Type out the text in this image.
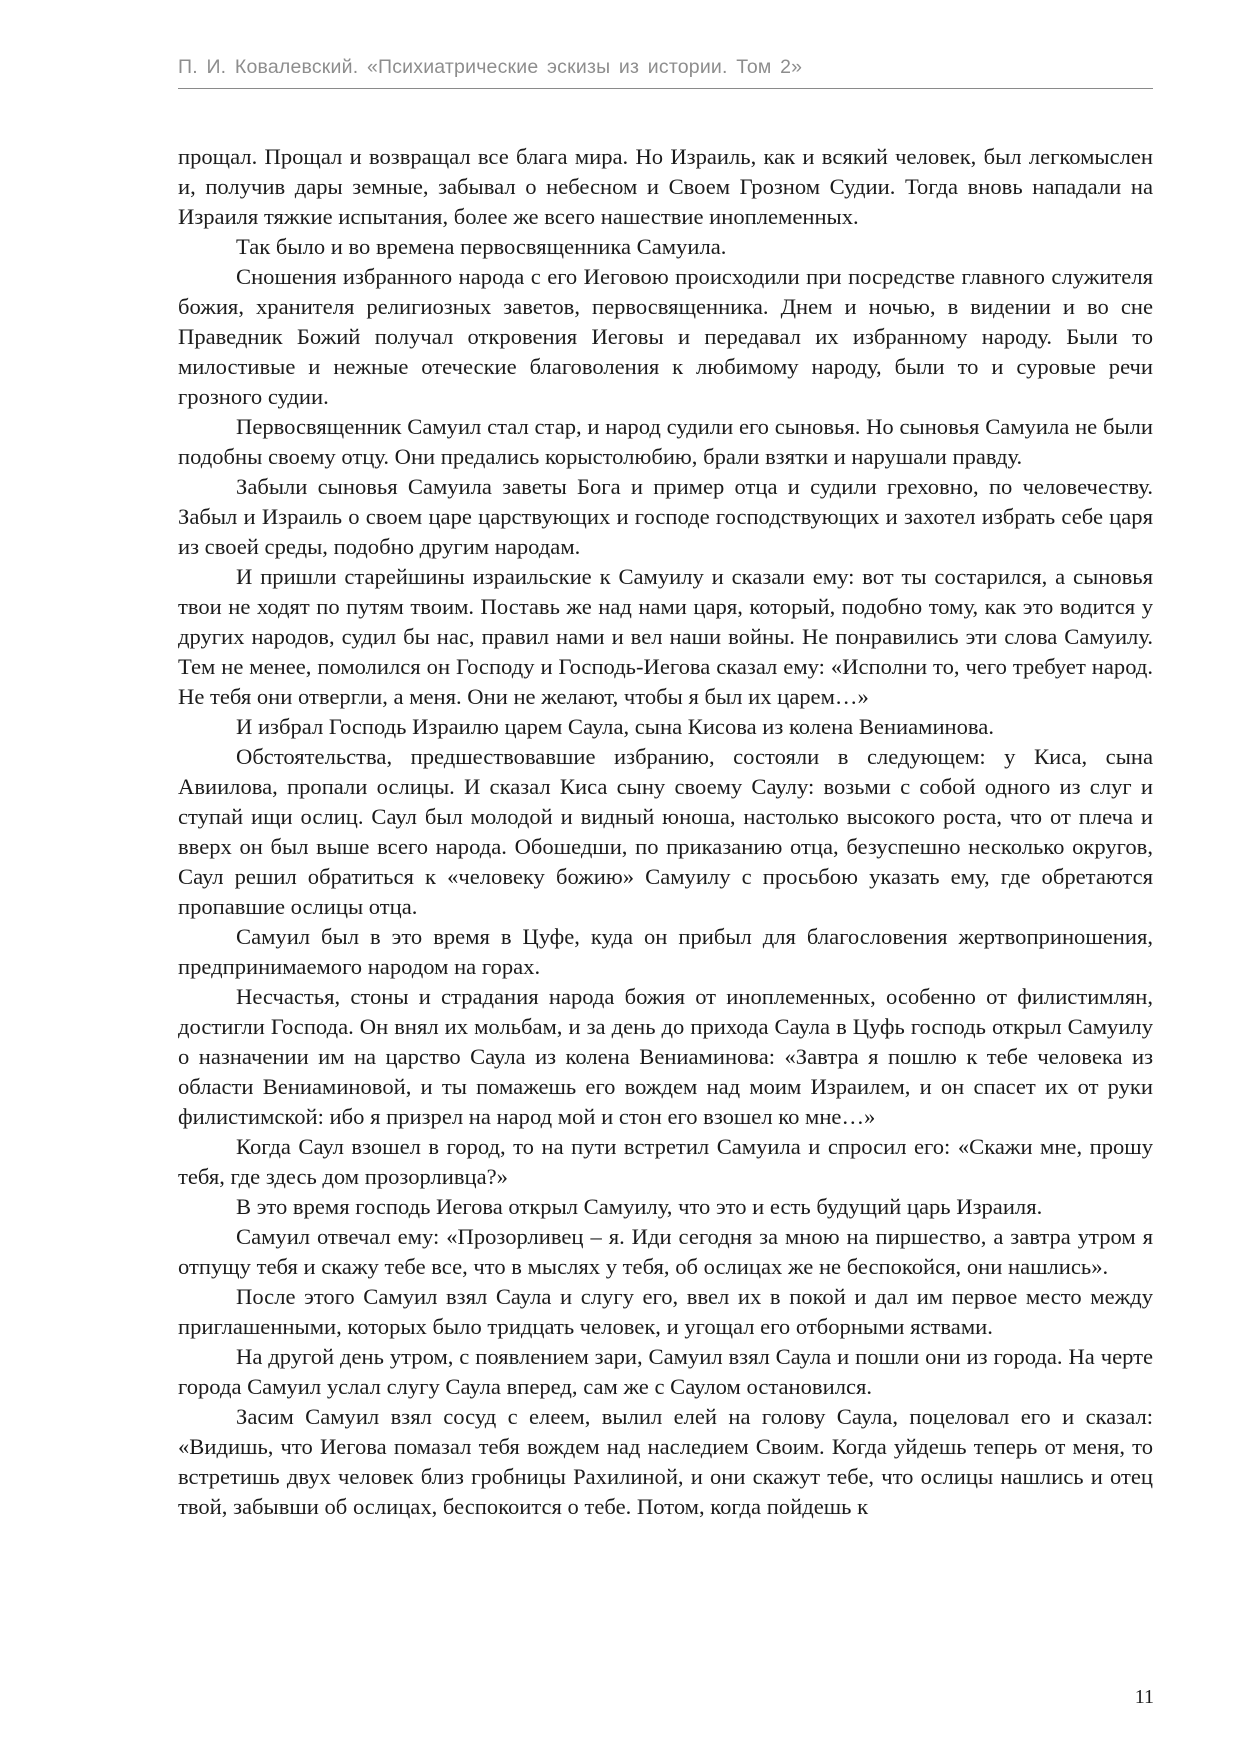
П. И. Ковалевский. «Психиатрические эскизы из истории. Том 2»

прощал. Прощал и возвращал все блага мира. Но Израиль, как и всякий человек, был легкомыслен и, получив дары земные, забывал о небесном и Своем Грозном Судии. Тогда вновь нападали на Израиля тяжкие испытания, более же всего нашествие иноплеменных.

Так было и во времена первосвященника Самуила.

Сношения избранного народа с его Иеговою происходили при посредстве главного служителя божия, хранителя религиозных заветов, первосвященника. Днем и ночью, в видении и во сне Праведник Божий получал откровения Иеговы и передавал их избранному народу. Были то милостивые и нежные отеческие благоволения к любимому народу, были то и суровые речи грозного судии.

Первосвященник Самуил стал стар, и народ судили его сыновья. Но сыновья Самуила не были подобны своему отцу. Они предались корыстолюбию, брали взятки и нарушали правду.

Забыли сыновья Самуила заветы Бога и пример отца и судили греховно, по человечеству. Забыл и Израиль о своем царе царствующих и господе господствующих и захотел избрать себе царя из своей среды, подобно другим народам.

И пришли старейшины израильские к Самуилу и сказали ему: вот ты состарился, а сыновья твои не ходят по путям твоим. Поставь же над нами царя, который, подобно тому, как это водится у других народов, судил бы нас, правил нами и вел наши войны. Не понравились эти слова Самуилу. Тем не менее, помолился он Господу и Господь-Иегова сказал ему: «Исполни то, чего требует народ. Не тебя они отвергли, а меня. Они не желают, чтобы я был их царем…»

И избрал Господь Израилю царем Саула, сына Кисова из колена Вениаминова.

Обстоятельства, предшествовавшие избранию, состояли в следующем: у Киса, сына Авиилова, пропали ослицы. И сказал Киса сыну своему Саулу: возьми с собой одного из слуг и ступай ищи ослиц. Саул был молодой и видный юноша, настолько высокого роста, что от плеча и вверх он был выше всего народа. Обошедши, по приказанию отца, безуспешно несколько округов, Саул решил обратиться к «человеку божию» Самуилу с просьбою указать ему, где обретаются пропавшие ослицы отца.

Самуил был в это время в Цуфе, куда он прибыл для благословения жертвоприношения, предпринимаемого народом на горах.

Несчастья, стоны и страдания народа божия от иноплеменных, особенно от филистимлян, достигли Господа. Он внял их мольбам, и за день до прихода Саула в Цуфь господь открыл Самуилу о назначении им на царство Саула из колена Вениаминова: «Завтра я пошлю к тебе человека из области Вениаминовой, и ты помажешь его вождем над моим Израилем, и он спасет их от руки филистимской: ибо я призрел на народ мой и стон его взошел ко мне…»

Когда Саул взошел в город, то на пути встретил Самуила и спросил его: «Скажи мне, прошу тебя, где здесь дом прозорливца?»

В это время господь Иегова открыл Самуилу, что это и есть будущий царь Израиля.

Самуил отвечал ему: «Прозорливец – я. Иди сегодня за мною на пиршество, а завтра утром я отпущу тебя и скажу тебе все, что в мыслях у тебя, об ослицах же не беспокойся, они нашлись».

После этого Самуил взял Саула и слугу его, ввел их в покой и дал им первое место между приглашенными, которых было тридцать человек, и угощал его отборными яствами.

На другой день утром, с появлением зари, Самуил взял Саула и пошли они из города. На черте города Самуил услал слугу Саула вперед, сам же с Саулом остановился.

Засим Самуил взял сосуд с елеем, вылил елей на голову Саула, поцеловал его и сказал: «Видишь, что Иегова помазал тебя вождем над наследием Своим. Когда уйдешь теперь от меня, то встретишь двух человек близ гробницы Рахилиной, и они скажут тебе, что ослицы нашлись и отец твой, забывши об ослицах, беспокоится о тебе. Потом, когда пойдешь к

11
